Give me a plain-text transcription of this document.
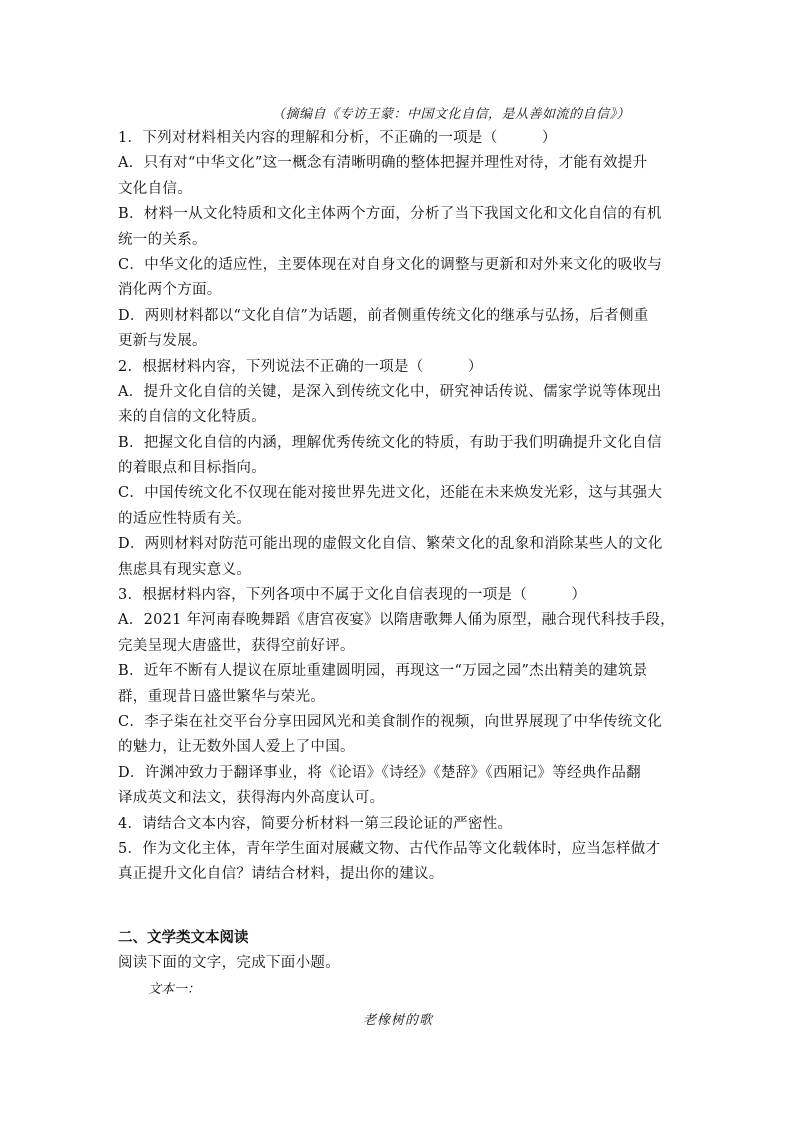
（摘编自《专访王蒙：中国文化自信，是从善如流的自信》）
1．下列对材料相关内容的理解和分析，不正确的一项是（　　　）
A．只有对“中华文化”这一概念有清晰明确的整体把握并理性对待，才能有效提升
文化自信。
B．材料一从文化特质和文化主体两个方面，分析了当下我国文化和文化自信的有机
统一的关系。
C．中华文化的适应性，主要体现在对自身文化的调整与更新和对外来文化的吸收与
消化两个方面。
D．两则材料都以“文化自信”为话题，前者侧重传统文化的继承与弘扬，后者侧重
更新与发展。
2．根据材料内容，下列说法不正确的一项是（　　　）
A．提升文化自信的关键，是深入到传统文化中，研究神话传说、儒家学说等体现出
来的自信的文化特质。
B．把握文化自信的内涵，理解优秀传统文化的特质，有助于我们明确提升文化自信
的着眼点和目标指向。
C．中国传统文化不仅现在能对接世界先进文化，还能在未来焕发光彩，这与其强大
的适应性特质有关。
D．两则材料对防范可能出现的虚假文化自信、繁荣文化的乱象和消除某些人的文化
焦虑具有现实意义。
3．根据材料内容，下列各项中不属于文化自信表现的一项是（　　　）
A．2021 年河南春晚舞蹈《唐宫夜宴》以隋唐歌舞人俑为原型，融合现代科技手段，
完美呈现大唐盛世，获得空前好评。
B．近年不断有人提议在原址重建圆明园，再现这一“万园之园”杰出精美的建筑景
群，重现昔日盛世繁华与荣光。
C．李子柒在社交平台分享田园风光和美食制作的视频，向世界展现了中华传统文化
的魅力，让无数外国人爱上了中国。
D．许渊冲致力于翻译事业，将《论语》《诗经》《楚辞》《西厢记》等经典作品翻
译成英文和法文，获得海内外高度认可。
4．请结合文本内容，简要分析材料一第三段论证的严密性。
5．作为文化主体，青年学生面对展藏文物、古代作品等文化载体时，应当怎样做才
真正提升文化自信？请结合材料，提出你的建议。
二、文学类文本阅读
阅读下面的文字，完成下面小题。
文本一：
老橡树的歌
